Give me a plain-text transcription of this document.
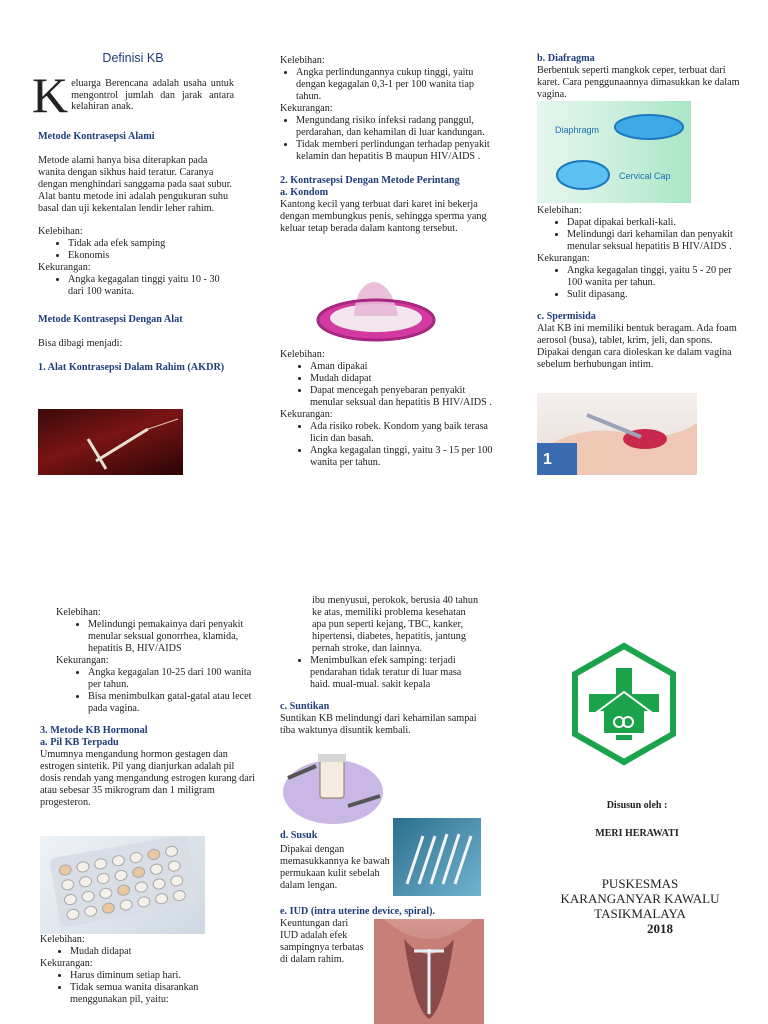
Definisi KB
K eluarga Berencana adalah usaha untuk mengontrol jumlah dan jarak antara kelahiran anak.

Metode Kontrasepsi Alami

Metode alami hanya bisa diterapkan pada wanita dengan sikhus haid teratur. Caranya dengan menghindari sanggama pada saat subur. Alat bantu metode ini adalah pengukuran suhu basal dan uji kekentalan lendir leher rahim.

Kelebihan:

• Tidak ada efek samping
• Ekonomis

Kekurangan:

• Angka kegagalan tinggi yaitu 10 - 30 dari 100 wanita.

Metode Kontrasepsi Dengan Alat

Bisa dibagi menjadi:

1. Alat Kontrasepsi Dalam Rahim (AKDR)

Kelebihan:

• Angka perlindungannya cukup tinggi, yaitu dengan kegagalan 0,3-1 per 100 wanita tiap tahun.

Kekurangan:

• Mengundang risiko infeksi radang panggul, perdarahan, dan kehamilan di luar kandungan.
• Tidak memberi perlindungan terhadap penyakit kelamin dan hepatitis B maupun HIV/AIDS .

2. Kontrasepsi Dengan Metode Perintang

a. Kondom

Kantong kecil yang terbuat dari karet ini bekerja dengan membungkus penis, sehingga sperma yang keluar tetap berada dalam kantong tersebut.

Kelebihan:

• Aman dipakai
• Mudah didapat
• Dapat mencegah penyebaran penyakit menular seksual dan hepatitis B HIV/AIDS .

Kekurangan:

• Ada risiko robek. Kondom yang baik terasa licin dan basah.
• Angka kegagalan tinggi, yaitu 3 - 15 per 100 wanita per tahun.

b. Diafragma

Berbentuk seperti mangkok ceper, terbuat dari karet. Cara penggunaannya dimasukkan ke dalam vagina.

Diaphragm
Cervical Cap

Kelebihan:

• Dapat dipakai berkali-kali.
• Melindungi dari kehamilan dan penyakit menular seksual hepatitis B HIV/AIDS .

Kekurangan:

• Angka kegagalan tinggi, yaitu 5 - 20 per 100 wanita per tahun.
• Sulit dipasang.

c. Spermisida

Alat KB ini memiliki bentuk beragam. Ada foam aerosol (busa), tablet, krim, jeli, dan spons. Dipakai dengan cara dioleskan ke dalam vagina sebelum berhubungan intim.

1

Kelebihan:

• Melindungi pemakainya dari penyakit menular seksual gonorrhea, klamida, hepatitis B, HIV/AIDS

Kekurangan:

• Angka kegagalan 10-25 dari 100 wanita per tahun.
• Bisa menimbulkan gatal-gatal atau lecet pada vagina.

3. Metode KB Hormonal

a. Pil KB Terpadu

Umumnya mengandung hormon gestagen dan estrogen sintetik. Pil yang dianjurkan adalah pil dosis rendah yang mengandung estrogen kurang dari atau sebesar 35 mikrogram dan 1 miligram progesteron.

Kelebihan:

• Mudah didapat

Kekurangan:

• Harus diminum setiap hari.
• Tidak semua wanita disarankan menggunakan pil, yaitu:

ibu menyusui, perokok, berusia 40 tahun ke atas, memiliki problema kesehatan apa pun seperti kejang, TBC, kanker, hipertensi, diabetes, hepatitis, jantung pernah stroke, dan lainnya.

• Menimbulkan efek samping: terjadi pendarahan tidak teratur di luar masa haid. mual-mual. sakit kepala

c. Suntikan

Suntikan KB melindungi dari kehamilan sampai tiba waktunya disuntik kembali.

d. Susuk

Dipakai dengan memasukkannya ke bawah permukaan kulit sebelah dalam lengan.

e. IUD (intra uterine device, spiral).

Keuntungan dari IUD adalah efek sampingnya terbatas di dalam rahim.

Disusun oleh :
MERI HERAWATI
PUSKESMAS
KARANGANYAR KAWALU
TASIKMALAYA
2018
